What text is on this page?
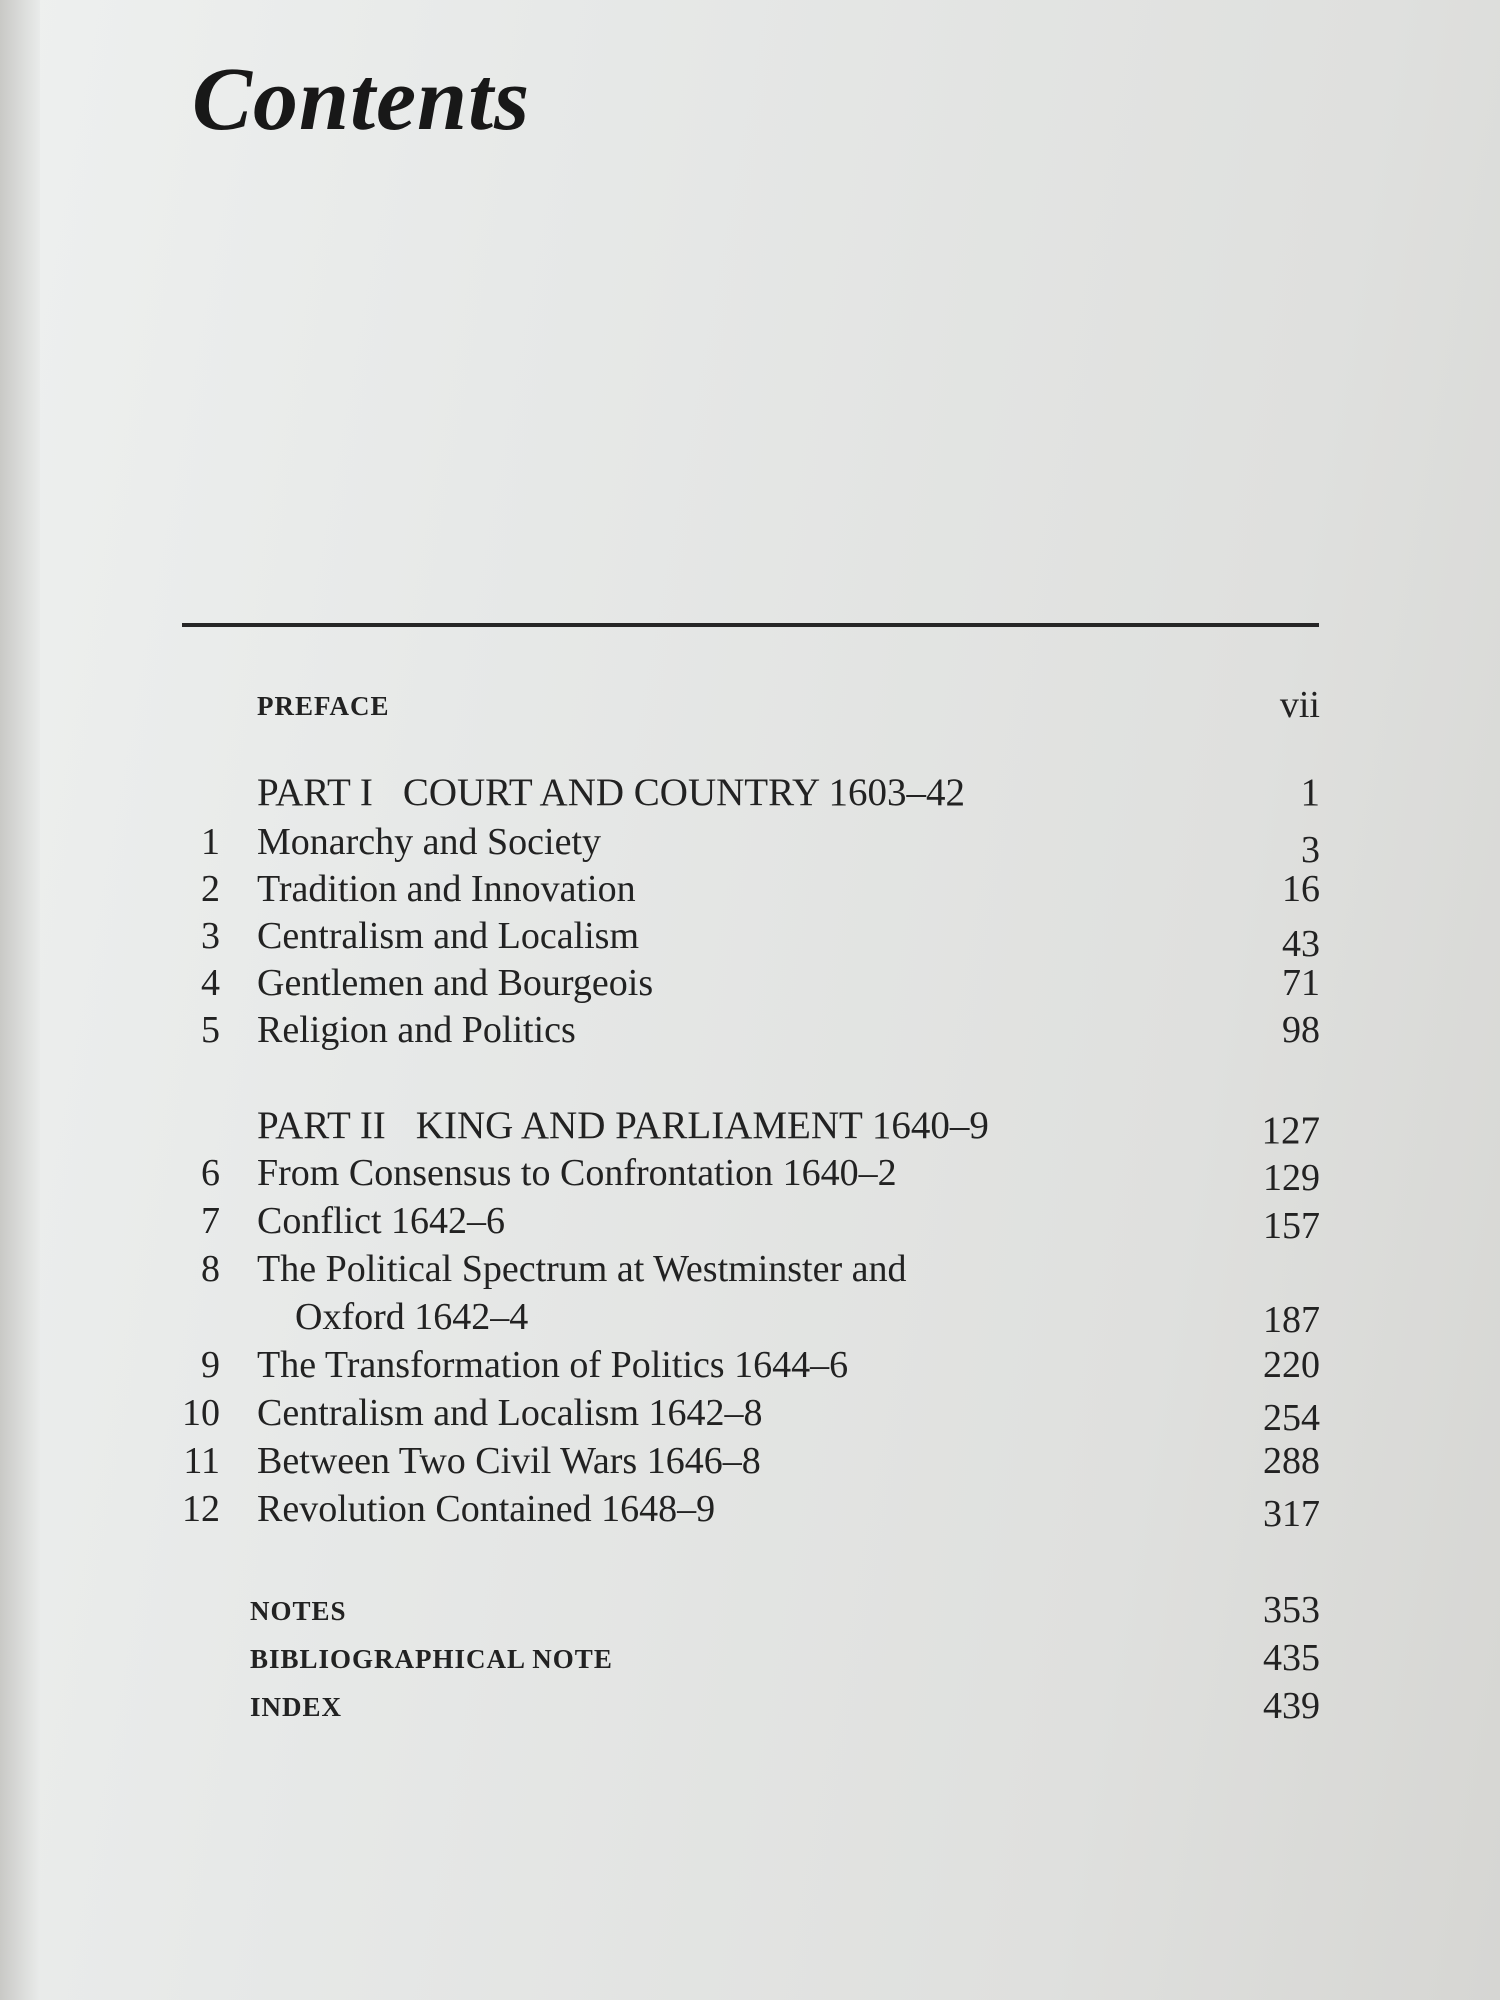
Contents
PREFACE	vii
PART I COURT AND COUNTRY 1603–42	1
1 Monarchy and Society	3
2 Tradition and Innovation	16
3 Centralism and Localism	43
4 Gentlemen and Bourgeois	71
5 Religion and Politics	98
PART II KING AND PARLIAMENT 1640–9	127
6 From Consensus to Confrontation 1640–2	129
7 Conflict 1642–6	157
8 The Political Spectrum at Westminster and
Oxford 1642–4	187
9 The Transformation of Politics 1644–6	220
10 Centralism and Localism 1642–8	254
11 Between Two Civil Wars 1646–8	288
12 Revolution Contained 1648–9	317
NOTES	353
BIBLIOGRAPHICAL NOTE	435
INDEX	439
